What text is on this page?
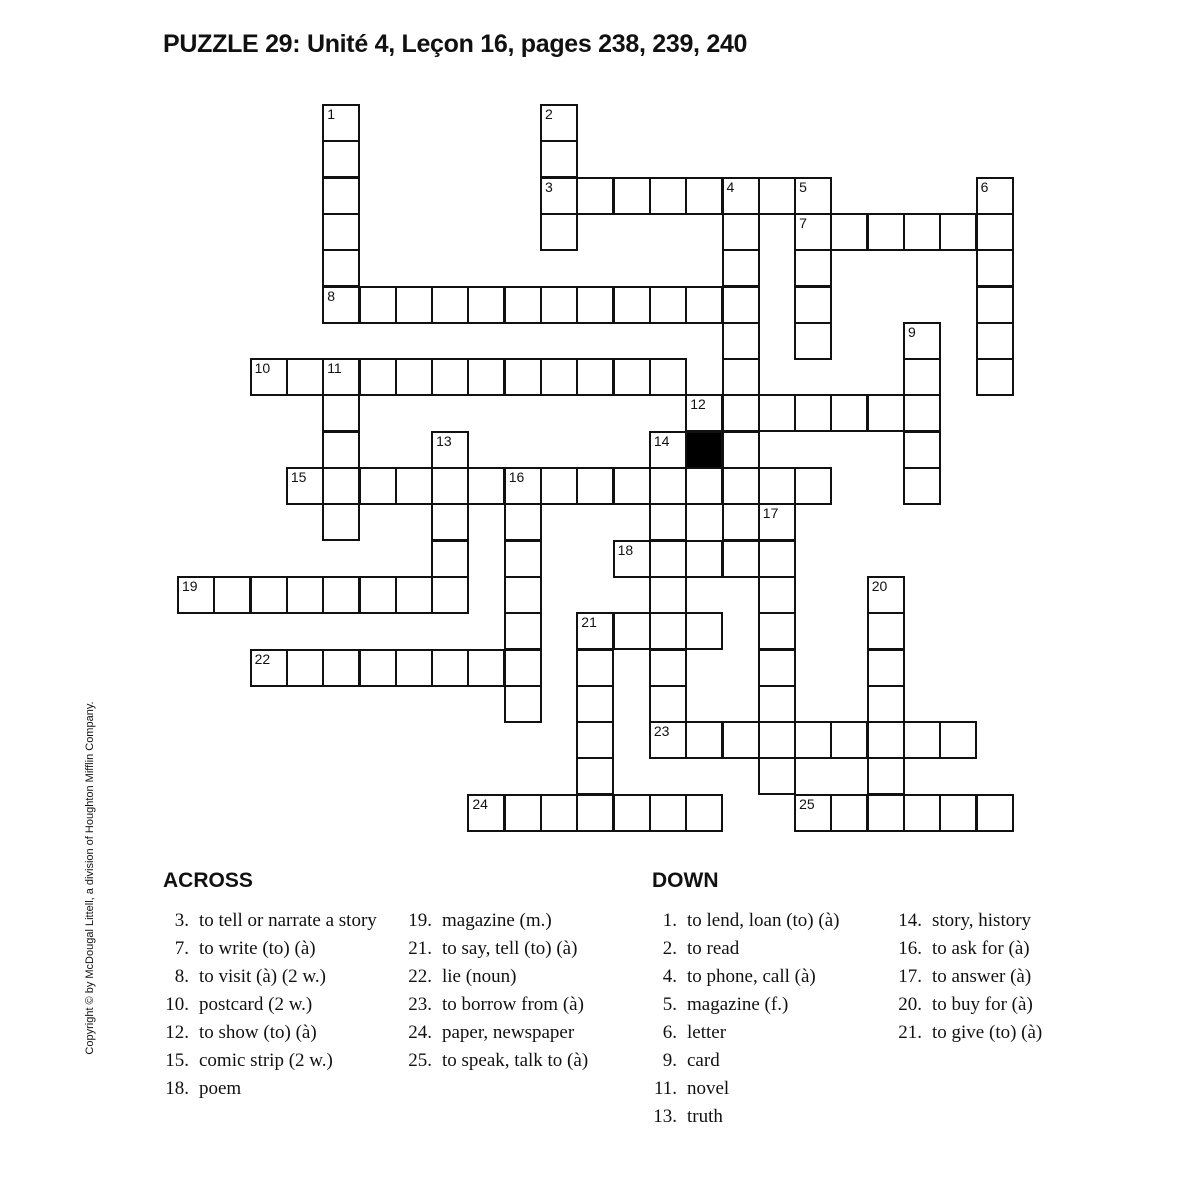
PUZZLE 29: Unité 4, Leçon 16, pages 238, 239, 240
Copyright © by McDougal Littell, a division of Houghton Mifflin Company.
3
7
8
10
12
15
18
19
21
22
23
24	25
1	2
4	5	6
9
11
13	14
16
17
20
ACROSS	DOWN
3. to tell or narrate a story
7. to write (to) (à)
8. to visit (à) (2 w.)
10. postcard (2 w.)
12. to show (to) (à)
15. comic strip (2 w.)
18. poem
19. magazine (m.)
21. to say, tell (to) (à)
22. lie (noun)
23. to borrow from (à)
24. paper, newspaper
25. to speak, talk to (à)
1. to lend, loan (to) (à)
2. to read
4. to phone, call (à)
5. magazine (f.)
6. letter
9. card
11. novel
13. truth
14. story, history
16. to ask for (à)
17. to answer (à)
20. to buy for (à)
21. to give (to) (à)
